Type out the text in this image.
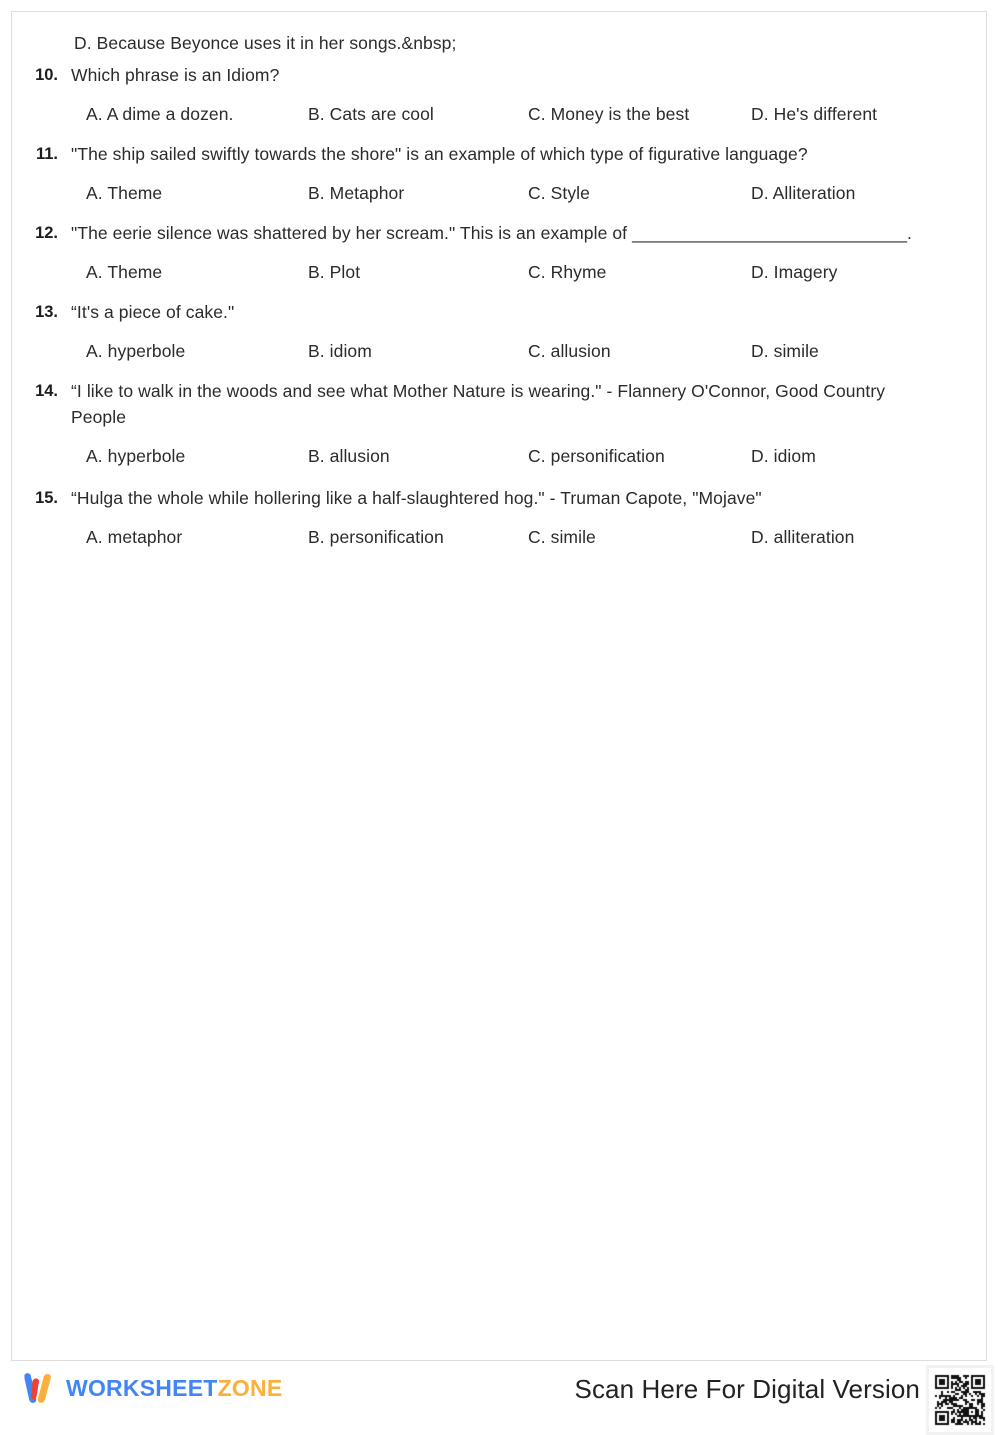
D. Because Beyonce uses it in her songs.&nbsp;
10. Which phrase is an Idiom?
A. A dime a dozen.	B. Cats are cool	C. Money is the best	D. He's different
11. "The ship sailed swiftly towards the shore" is an example of which type of figurative language?
A. Theme	B. Metaphor	C. Style	D. Alliteration
12. "The eerie silence was shattered by her scream." This is an example of ____________________________.
A. Theme	B. Plot	C. Rhyme	D. Imagery
13. “It's a piece of cake."
A. hyperbole	B. idiom	C. allusion	D. simile
14. “I like to walk in the woods and see what Mother Nature is wearing." - Flannery O'Connor, Good Country People
A. hyperbole	B. allusion	C. personification	D. idiom
15. “Hulga the whole while hollering like a half-slaughtered hog." - Truman Capote, "Mojave"
A. metaphor	B. personification	C. simile	D. alliteration
WORKSHEETZONE	Scan Here For Digital Version
